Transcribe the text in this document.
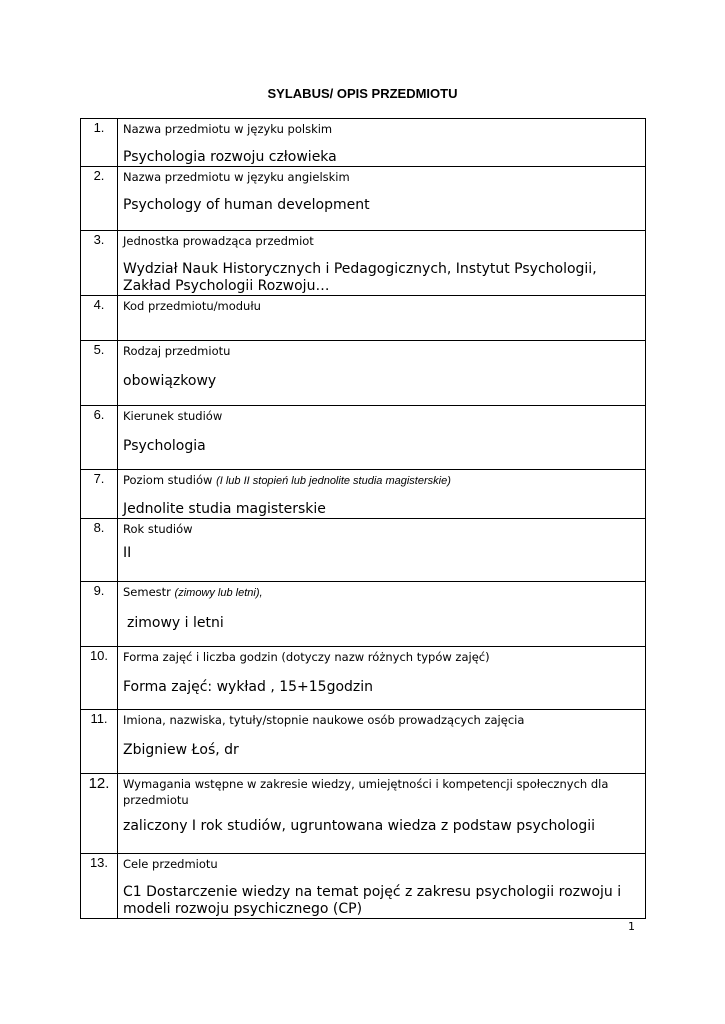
SYLABUS/ OPIS PRZEDMIOTU
1.	Nazwa przedmiotu w języku polskim
Psychologia rozwoju człowieka

2.	Nazwa przedmiotu w języku angielskim
Psychology of human development

3.	Jednostka prowadząca przedmiot
Wydział Nauk Historycznych i Pedagogicznych, Instytut Psychologii, Zakład Psychologii Rozwoju…

4.	Kod przedmiotu/modułu

5.	Rodzaj przedmiotu
obowiązkowy

6.	Kierunek studiów
Psychologia

7.	Poziom studiów (I lub II stopień lub jednolite studia magisterskie)
Jednolite studia magisterskie

8.	Rok studiów
II

9.	Semestr (zimowy lub letni),
zimowy i letni

10.	Forma zajęć i liczba godzin (dotyczy nazw różnych typów zajęć)
Forma zajęć: wykład , 15+15godzin

11.	Imiona, nazwiska, tytuły/stopnie naukowe osób prowadzących zajęcia
Zbigniew Łoś, dr

12.	Wymagania wstępne w zakresie wiedzy, umiejętności i kompetencji społecznych dla przedmiotu
zaliczony I rok studiów, ugruntowana wiedza z podstaw psychologii

13.	Cele przedmiotu
C1 Dostarczenie wiedzy na temat pojęć z zakresu psychologii rozwoju i modeli rozwoju psychicznego (CP)
1
